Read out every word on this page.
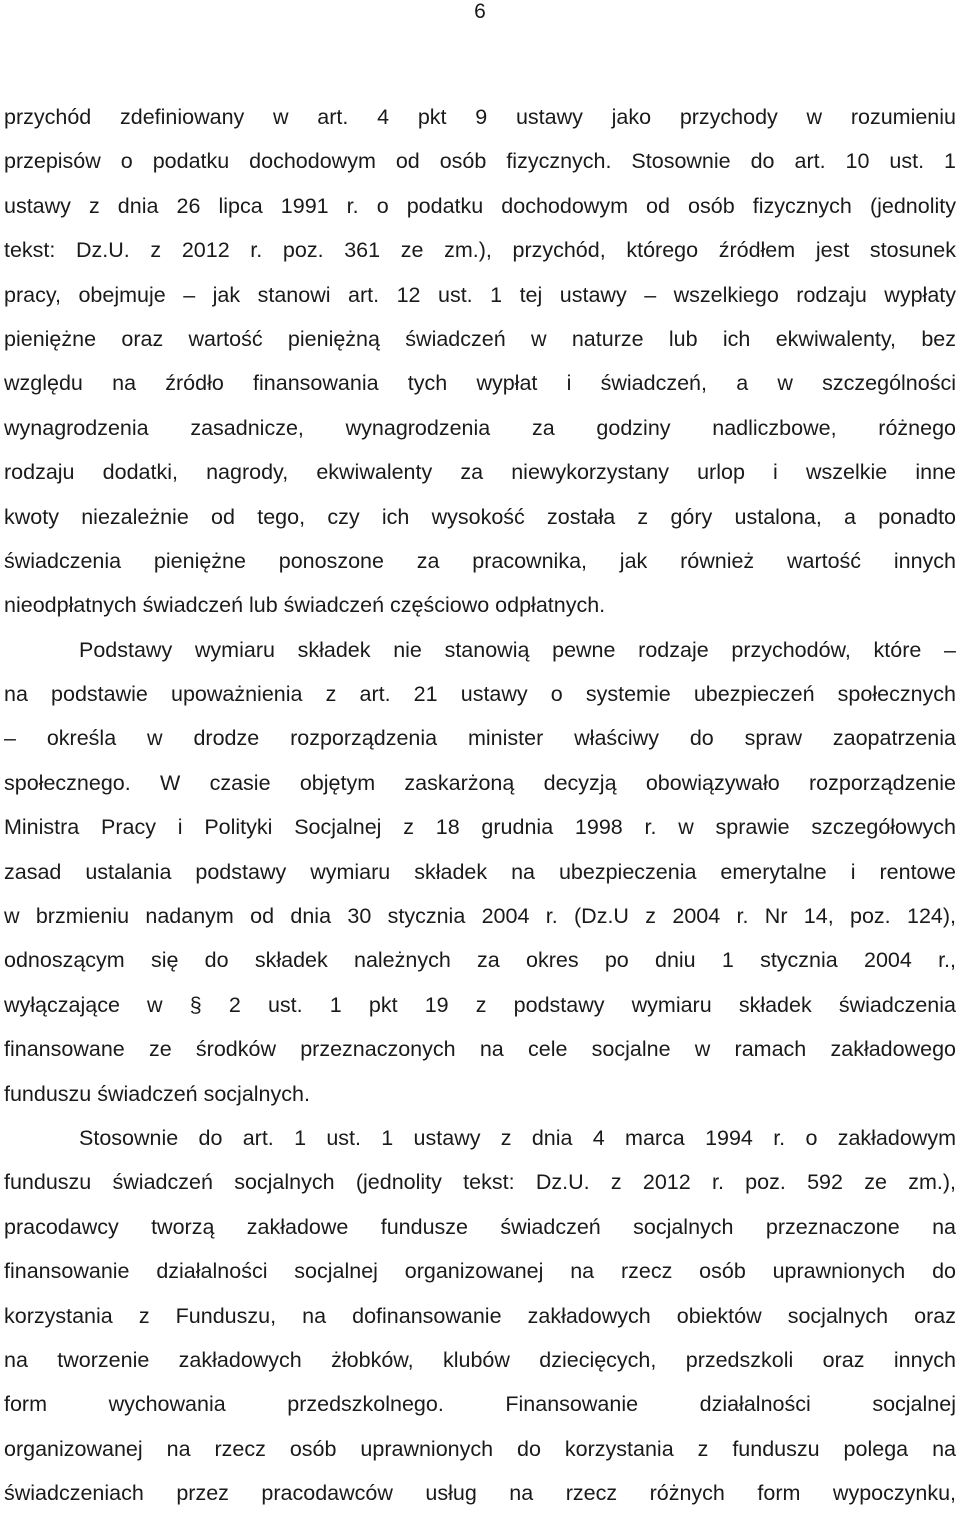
6
przychód zdefiniowany w art. 4 pkt 9 ustawy jako przychody w rozumieniu
przepisów o podatku dochodowym od osób fizycznych. Stosownie do art. 10 ust. 1
ustawy z dnia 26 lipca 1991 r. o podatku dochodowym od osób fizycznych (jednolity
tekst: Dz.U. z 2012 r. poz. 361 ze zm.), przychód, którego źródłem jest stosunek
pracy, obejmuje – jak stanowi art. 12 ust. 1 tej ustawy – wszelkiego rodzaju wypłaty
pieniężne oraz wartość pieniężną świadczeń w naturze lub ich ekwiwalenty, bez
względu na źródło finansowania tych wypłat i świadczeń, a w szczególności
wynagrodzenia zasadnicze, wynagrodzenia za godziny nadliczbowe, różnego
rodzaju dodatki, nagrody, ekwiwalenty za niewykorzystany urlop i wszelkie inne
kwoty niezależnie od tego, czy ich wysokość została z góry ustalona, a ponadto
świadczenia pieniężne ponoszone za pracownika, jak również wartość innych
nieodpłatnych świadczeń lub świadczeń częściowo odpłatnych.
Podstawy wymiaru składek nie stanowią pewne rodzaje przychodów, które –
na podstawie upoważnienia z art. 21 ustawy o systemie ubezpieczeń społecznych
– określa w drodze rozporządzenia minister właściwy do spraw zaopatrzenia
społecznego. W czasie objętym zaskarżoną decyzją obowiązywało rozporządzenie
Ministra Pracy i Polityki Socjalnej z 18 grudnia 1998 r. w sprawie szczegółowych
zasad ustalania podstawy wymiaru składek na ubezpieczenia emerytalne i rentowe
w brzmieniu nadanym od dnia 30 stycznia 2004 r. (Dz.U z 2004 r. Nr 14, poz. 124),
odnoszącym się do składek należnych za okres po dniu 1 stycznia 2004 r.,
wyłączające w § 2 ust. 1 pkt 19 z podstawy wymiaru składek świadczenia
finansowane ze środków przeznaczonych na cele socjalne w ramach zakładowego
funduszu świadczeń socjalnych.
Stosownie do art. 1 ust. 1 ustawy z dnia 4 marca 1994 r. o zakładowym
funduszu świadczeń socjalnych (jednolity tekst: Dz.U. z 2012 r. poz. 592 ze zm.),
pracodawcy tworzą zakładowe fundusze świadczeń socjalnych przeznaczone na
finansowanie działalności socjalnej organizowanej na rzecz osób uprawnionych do
korzystania z Funduszu, na dofinansowanie zakładowych obiektów socjalnych oraz
na tworzenie zakładowych żłobków, klubów dziecięcych, przedszkoli oraz innych
form wychowania przedszkolnego. Finansowanie działalności socjalnej
organizowanej na rzecz osób uprawnionych do korzystania z funduszu polega na
świadczeniach przez pracodawców usług na rzecz różnych form wypoczynku,
